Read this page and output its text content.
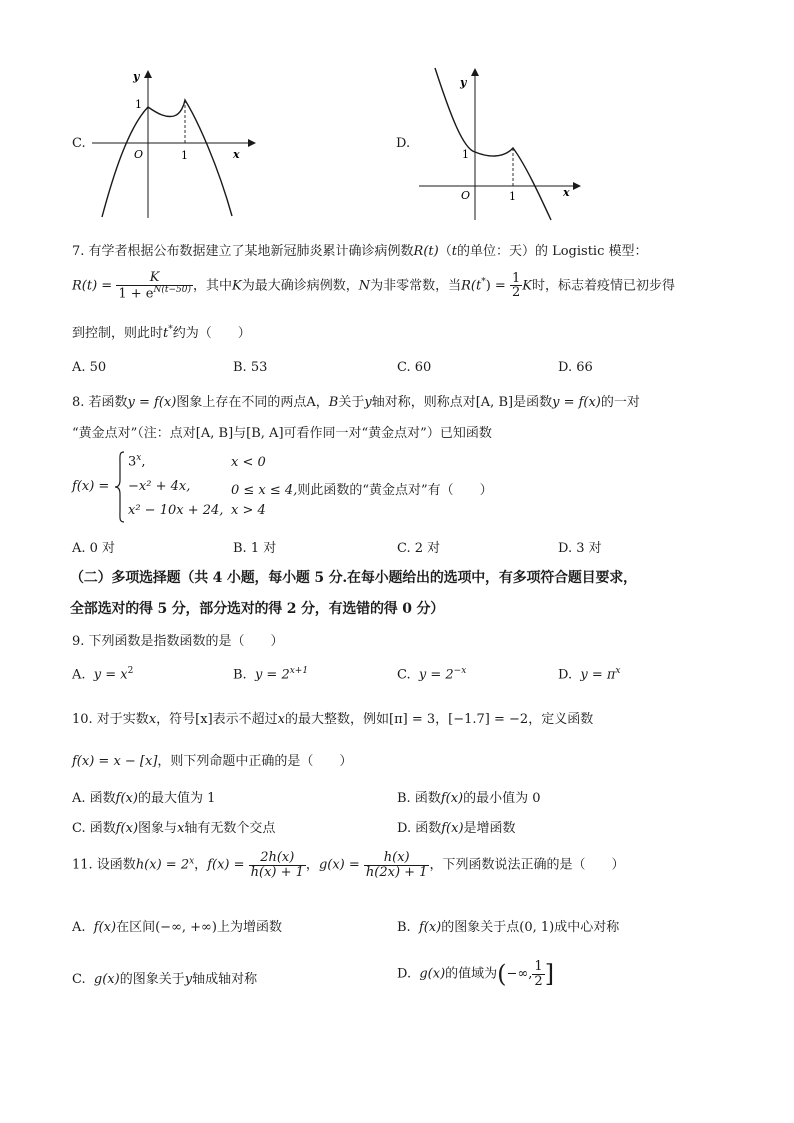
C.
y
x
O
1
1
D.
y
x
O
1
1
7. 有学者根据公布数据建立了某地新冠肺炎累计确诊病例数R(t)（t的单位：天）的 Logistic 模型：
$R(t) = \frac{K}{1 + e^{N(t-50)}}$ ，其中K为最大确诊病例数，N为非零常数，当$R(t^*) = \frac{1}{2}$ K时，标志着疫情已初步得
到控制，则此时t*约为（　　）
A. 50	B. 53	C. 60	D. 66
8. 若函数y = f(x)图象上存在不同的两点A，B关于y轴对称，则称点对[A, B]是函数y = f(x)的一对
“黄金点对”（注：点对[A, B]与[B, A]可看作同一对“黄金点对”）已知函数
f(x) =
$3^x$,	x < 0
−x² + 4x,	0 ≤ x ≤ 4,则此函数的“黄金点对”有（　　）
x² − 10x + 24, x > 4
A. 0 对	B. 1 对	C. 2 对	D. 3 对
（二）多项选择题（共 4 小题，每小题 5 分.在每小题给出的选项中，有多项符合题目要求，
全部选对的得 5 分，部分选对的得 2 分，有选错的得 0 分）
9. 下列函数是指数函数的是（　　）
A. $y = x^2$	B. $y = 2^{x+1}$	C. $y = 2^{-x}$	D. $y = \pi^x$
10. 对于实数x，符号[x]表示不超过x的最大整数，例如[π] = 3，[−1.7] = −2，定义函数
f(x) = x − [x]，则下列命题中正确的是（　　）
A. 函数f(x)的最大值为 1	B. 函数f(x)的最小值为 0
C. 函数f(x)图象与x轴有无数个交点	D. 函数f(x)是增函数
11. 设函数$h(x) = 2^x$，$f(x) = \frac{2h(x)}{h(x) + 1}$ ，$g(x) = \frac{h(x)}{h(2x) + 1}$ ，下列函数说法正确的是（　　）
A. f(x)在区间(−∞, +∞)上为增函数	B. f(x)的图象关于点(0, 1)成中心对称
C. g(x)的图象关于y轴成轴对称	D. g(x)的值域为(−∞, $\frac{1}{2}$ ]
